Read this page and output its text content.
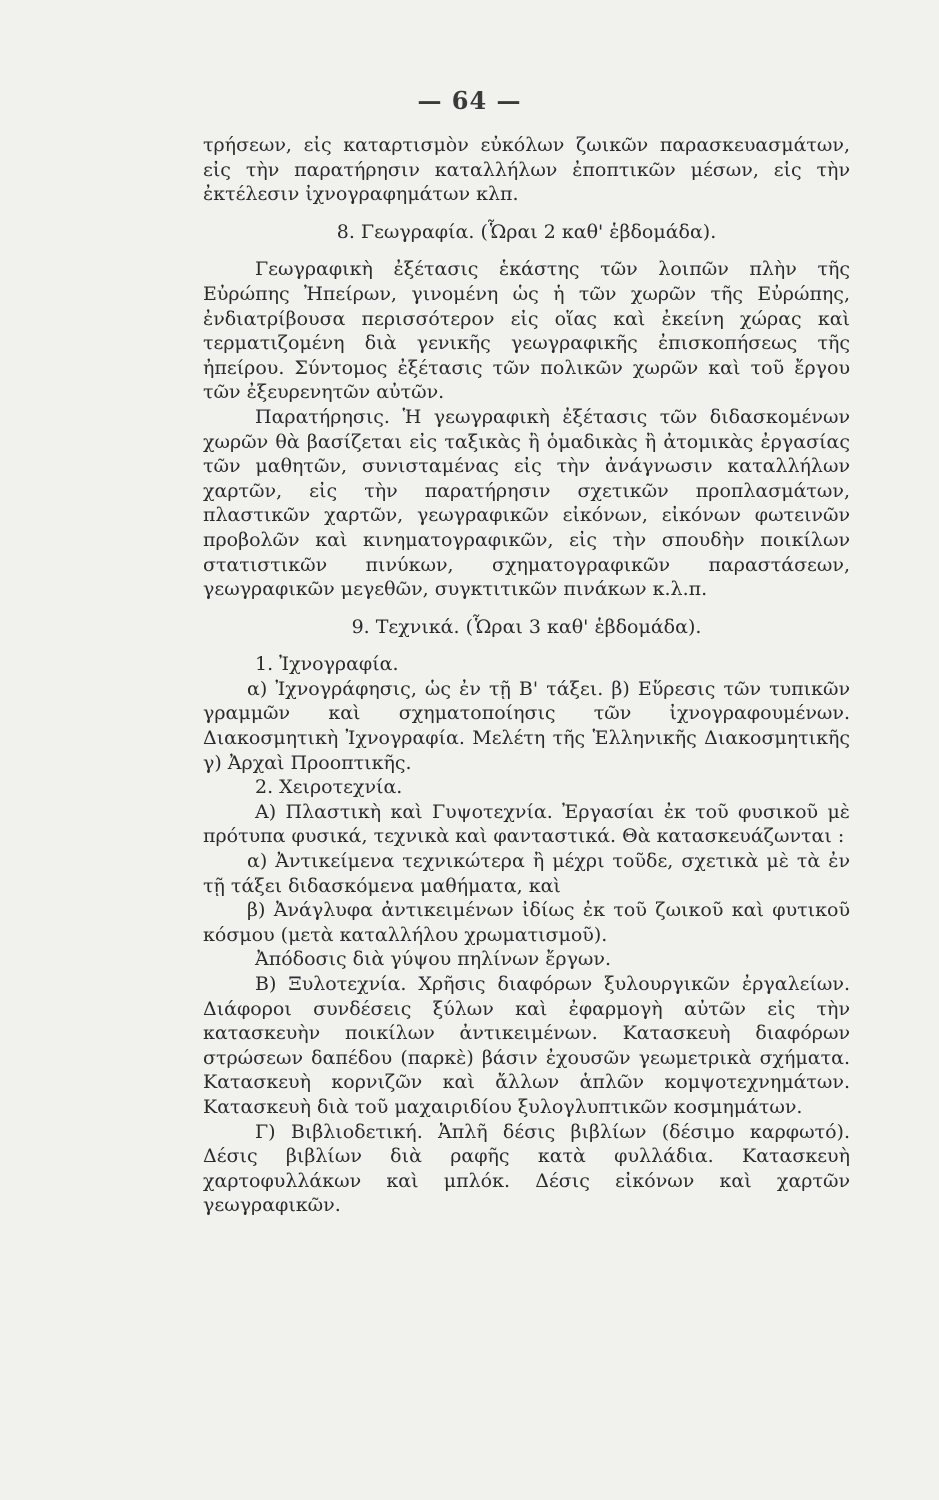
— 64 —

τρήσεων, εἰς καταρτισμὸν εὐκόλων ζωικῶν παρασκευασμάτων, εἰς τὴν παρατήρησιν καταλλήλων ἐποπτικῶν μέσων, εἰς τὴν ἐκτέλεσιν ἰχνογραφημάτων κλπ.

8. Γεωγραφία. (Ὧραι 2 καθ' ἑβδομάδα).

Γεωγραφικὴ ἐξέτασις ἑκάστης τῶν λοιπῶν πλὴν τῆς Εὐρώπης Ἠπείρων, γινομένη ὡς ἡ τῶν χωρῶν τῆς Εὐρώπης, ἐνδιατρίβουσα περισσότερον εἰς οἵας καὶ ἐκείνη χώρας καὶ τερματιζομένη διὰ γενικῆς γεωγραφικῆς ἐπισκοπήσεως τῆς ἠπείρου. Σύντομος ἐξέτασις τῶν πολικῶν χωρῶν καὶ τοῦ ἔργου τῶν ἐξευρενητῶν αὐτῶν.

Παρατήρησις. Ἡ γεωγραφικὴ ἐξέτασις τῶν διδασκομένων χωρῶν θὰ βασίζεται εἰς ταξικὰς ἢ ὁμαδικὰς ἢ ἀτομικὰς ἐργασίας τῶν μαθητῶν, συνισταμένας εἰς τὴν ἀνάγνωσιν καταλλήλων χαρτῶν, εἰς τὴν παρατήρησιν σχετικῶν προπλασμάτων, πλαστικῶν χαρτῶν, γεωγραφικῶν εἰκόνων, εἰκόνων φωτεινῶν προβολῶν καὶ κινηματογραφικῶν, εἰς τὴν σπουδὴν ποικίλων στατιστικῶν πινύκων, σχηματογραφικῶν παραστάσεων, γεωγραφικῶν μεγεθῶν, συγκτιτικῶν πινάκων κ.λ.π.

9. Τεχνικά. (Ὧραι 3 καθ' ἑβδομάδα).

1. Ἰχνογραφία.

α) Ἰχνογράφησις, ὡς ἐν τῇ Β' τάξει. β) Εὕρεσις τῶν τυπικῶν γραμμῶν καὶ σχηματοποίησις τῶν ἰχνογραφουμένων. Διακοσμητικὴ Ἰχνογραφία. Μελέτη τῆς Ἑλληνικῆς Διακοσμητικῆς γ) Ἀρχαὶ Προοπτικῆς.

2. Χειροτεχνία.

Α) Πλαστικὴ καὶ Γυψοτεχνία. Ἐργασίαι ἐκ τοῦ φυσικοῦ μὲ πρότυπα φυσικά, τεχνικὰ καὶ φανταστικά. Θὰ κατασκευάζωνται :

α) Ἀντικείμενα τεχνικώτερα ἢ μέχρι τοῦδε, σχετικὰ μὲ τὰ ἐν τῇ τάξει διδασκόμενα μαθήματα, καὶ

β) Ἀνάγλυφα ἀντικειμένων ἰδίως ἐκ τοῦ ζωικοῦ καὶ φυτικοῦ κόσμου (μετὰ καταλλήλου χρωματισμοῦ).

Ἀπόδοσις διὰ γύψου πηλίνων ἔργων.

Β) Ξυλοτεχνία. Χρῆσις διαφόρων ξυλουργικῶν ἐργαλείων. Διάφοροι συνδέσεις ξύλων καὶ ἐφαρμογὴ αὐτῶν εἰς τὴν κατασκευὴν ποικίλων ἀντικειμένων. Κατασκευὴ διαφόρων στρώσεων δαπέδου (παρκὲ) βάσιν ἐχουσῶν γεωμετρικὰ σχήματα. Κατασκευὴ κορνιζῶν καὶ ἄλλων ἁπλῶν κομψοτεχνημάτων. Κατασκευὴ διὰ τοῦ μαχαιριδίου ξυλογλυπτικῶν κοσμημάτων.

Γ) Βιβλιοδετική. Ἁπλῆ δέσις βιβλίων (δέσιμο καρφωτό). Δέσις βιβλίων διὰ ραφῆς κατὰ φυλλάδια. Κατασκευὴ χαρτοφυλλάκων καὶ μπλόκ. Δέσις εἰκόνων καὶ χαρτῶν γεωγραφικῶν.
